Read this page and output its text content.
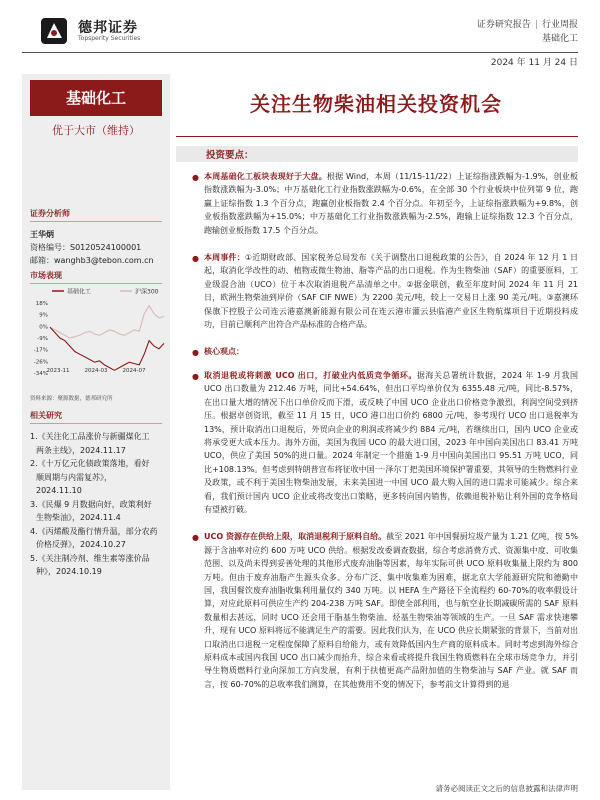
德邦证券
Topsperity Securities
证券研究报告 | 行业周报
基础化工
2024 年 11 月 24 日
基础化工
优于大市（维持）
证券分析师
王华炳
资格编号：S0120524100001
邮箱：wanghb3@tebon.com.cn
市场表现
基础化工	沪深300
18%
9%
0%
-9%
-17%
-26%
-34%
2023-11	2024-03	2024-07
资料来源：聚源数据，德邦研究所
相关研究
1.《关注化工品涨价与新疆煤化工
两条主线》，2024.11.17
2.《十万亿元化债政策落地，看好
顺周期与内需复苏》，
2024.11.10
3.《民爆 9 月数据向好，政策利好
生物柴油》，2024.11.4
4.《丙烯酸及酯行情升温，部分农药
价格反弹》，2024.10.27
5.《关注制冷剂、维生素等涨价品
种》，2024.10.19
关注生物柴油相关投资机会
投资要点：
● 本周基础化工板块表现好于大盘。根据 Wind，本周（11/15-11/22）上证综指涨跌幅为-1.9%，创业板指数涨跌幅为-3.0%；中万基础化工行业指数涨跌幅为-0.6%，在全部 30 个行业板块中位列第 9 位，跑赢上证综指数 1.3 个百分点，跑赢创业板指数 2.4 个百分点。年初至今，上证综指涨跌幅为+9.8%，创业板指数涨跌幅为+15.0%；中万基础化工行业指数涨跌幅为-2.5%，跑输上证综指数 12.3 个百分点，跑输创业板指数 17.5 个百分点。
● 本周事件：①近期财政部、国家税务总局发布《关于调整出口退税政策的公告》，自 2024 年 12 月 1 日起，取消化学改性的动、植物或微生物油、脂等产品的出口退税。作为生物柴油（SAF）的重要原料，工业级混合油（UCO）位于本次取消退税产品清单之中。②据金联创，截至年度时间 2024 年 11 月 21 日，欧洲生物柴油到岸价（SAF CIF NWE）为 2200 美元/吨，较上一交易日上涨 90 美元/吨。③嘉澳环保旗下控股子公司连云港嘉澳新能源有限公司在连云港市灌云县临港产业区生物航煤项目于近期投料成功，目前已顺利产出符合产品标准的合格产品。
● 核心观点：
● 取消退税或将刺激 UCO 出口，打破业内低质竞争循环。据海关总署统计数据，2024 年 1-9 月我国 UCO 出口数量为 212.46 万吨，同比+54.64%，但出口平均单价仅为 6355.48 元/吨，同比-8.57%，在出口量大增的情况下出口单价反而下滑，或反映了中国 UCO 企业出口价格竞争激烈，利润空间受到挤压。根据卓创资讯，截至 11 月 15 日，UCO 港口出口价约 6800 元/吨，参考现行 UCO 出口退税率为 13%，预计取消出口退税后，外贸向企业的利润或将减少约 884 元/吨，若继续出口，国内 UCO 企业或将承受更大成本压力。海外方面，美国为我国 UCO 的最大进口国，2023 年中国向美国出口 83.41 万吨 UCO，供应了美国 50%的进口量。2024 年制定一个措施 1-9 月中国向美国出口 95.51 万吨 UCO，同比+108.13%。但考虑到特朗普宣布将征收中国一·泽尔丁把美国环境保护署重要，其领导的生物燃料行业及政策，或不利于美国生物柴油发展，未来美国进一中国 UCO 最大购入国的进口需求可能减少。综合来看，我们预计国内 UCO 企业或将改变出口策略，更多转向国内销售，依赖退税补贴让利外国的竞争格局有望被打破。
● UCO 资源存在供给上限，取消退税利于原料自给。截至 2021 年中国餐厨垃圾产量为 1.21 亿吨，按 5%源于含油率对应约 600 万吨 UCO 供给。根据发改委调查数据，综合考虑消费方式、资源集中度、可收集范围、以及尚未得到妥善处理的其他形式废弃油脂等因素，每年实际可供 UCO 原料收集量上限约为 800 万吨。但由于废弃油脂产生源头众多、分布广泛、集中收集难为困难，据北京大学能源研究院和德勤中国，我国餐饮废弃油脂收集利用量仅约 340 万吨。以 HEFA 生产路径下全流程约 60-70%的收率假设计算，对应此原料可供应生产约 204-238 万吨 SAF。即使全部利用，也与航空业长期减碳所需的 SAF 原料数量相去甚远，同时 UCO 还会用于脂基生物柴油、烃基生物柴油等领域的生产。一旦 SAF 需求快速攀升，现有 UCO 原料将远不能满足生产的需要。因此我们认为，在 UCO 供应长期紧张的背景下，当前对出口取消出口退税一定程度保障了原料自给能力，或有效降低国内生产商的原料成本。同时考虑到海外综合原料成本或国内我国 UCO 出口减少而抬升，综合来看或将提升我国生物质燃料在全球市场竞争力，并引导生物质燃料行业向深加工方向发展，有利于扶植更高产品附加值的生物柴油与 SAF 产业。就 SAF 而言，按 60-70%的总收率我们测算，在其他费用不变的情况下，参考前文计算得到的退
请务必阅读正文之后的信息披露和法律声明
